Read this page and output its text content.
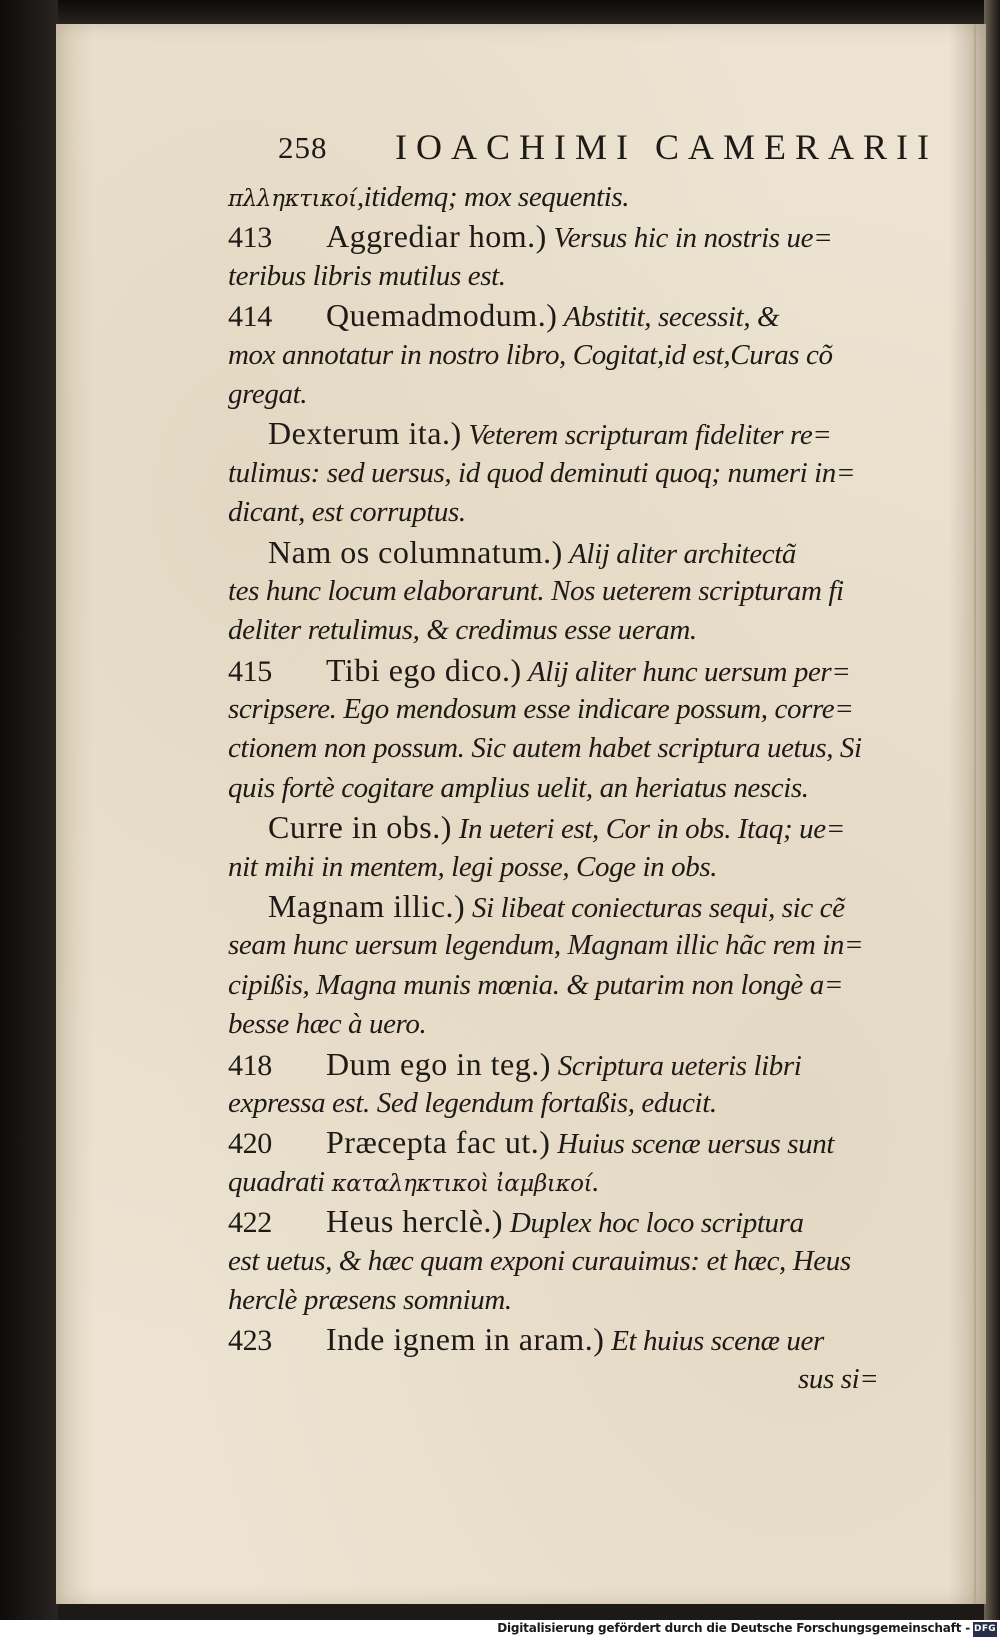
258 IOACHIMI CAMERARII
πλληκτικοί,itidemq; mox sequentis.
413 Aggrediar hom.) Versus hic in nostris ue=
teribus libris mutilus est.
414 Quemadmodum.) Abstitit, secessit, &
mox annotatur in nostro libro, Cogitat,id est,Curas cõ
gregat.
Dexterum ita.) Veterem scripturam fideliter re=
tulimus: sed uersus, id quod deminuti quoq; numeri in=
dicant, est corruptus.
Nam os columnatum.) Alij aliter architectã
tes hunc locum elaborarunt. Nos ueterem scripturam fi
deliter retulimus, & credimus esse ueram.
415 Tibi ego dico.) Alij aliter hunc uersum per=
scripsere. Ego mendosum esse indicare possum, corre=
ctionem non possum. Sic autem habet scriptura uetus, Si
quis fortè cogitare amplius uelit, an heriatus nescis.
Curre in obs.) In ueteri est, Cor in obs. Itaq; ue=
nit mihi in mentem, legi posse, Coge in obs.
Magnam illic.) Si libeat coniecturas sequi, sic cẽ
seam hunc uersum legendum, Magnam illic hãc rem in=
cipißis, Magna munis mœnia. & putarim non longè a=
besse hæc à uero.
418 Dum ego in teg.) Scriptura ueteris libri
expressa est. Sed legendum fortaßis, educit.
420 Præcepta fac ut.) Huius scenæ uersus sunt
quadrati καταληκτικοὶ ἰαμβικοί.
422 Heus herclè.) Duplex hoc loco scriptura
est uetus, & hæc quam exponi curauimus: et hæc, Heus
herclè præsens somnium.
423 Inde ignem in aram.) Et huius scenæ uer
sus si=
Digitalisierung gefördert durch die Deutsche Forschungsgemeinschaft - DFG
